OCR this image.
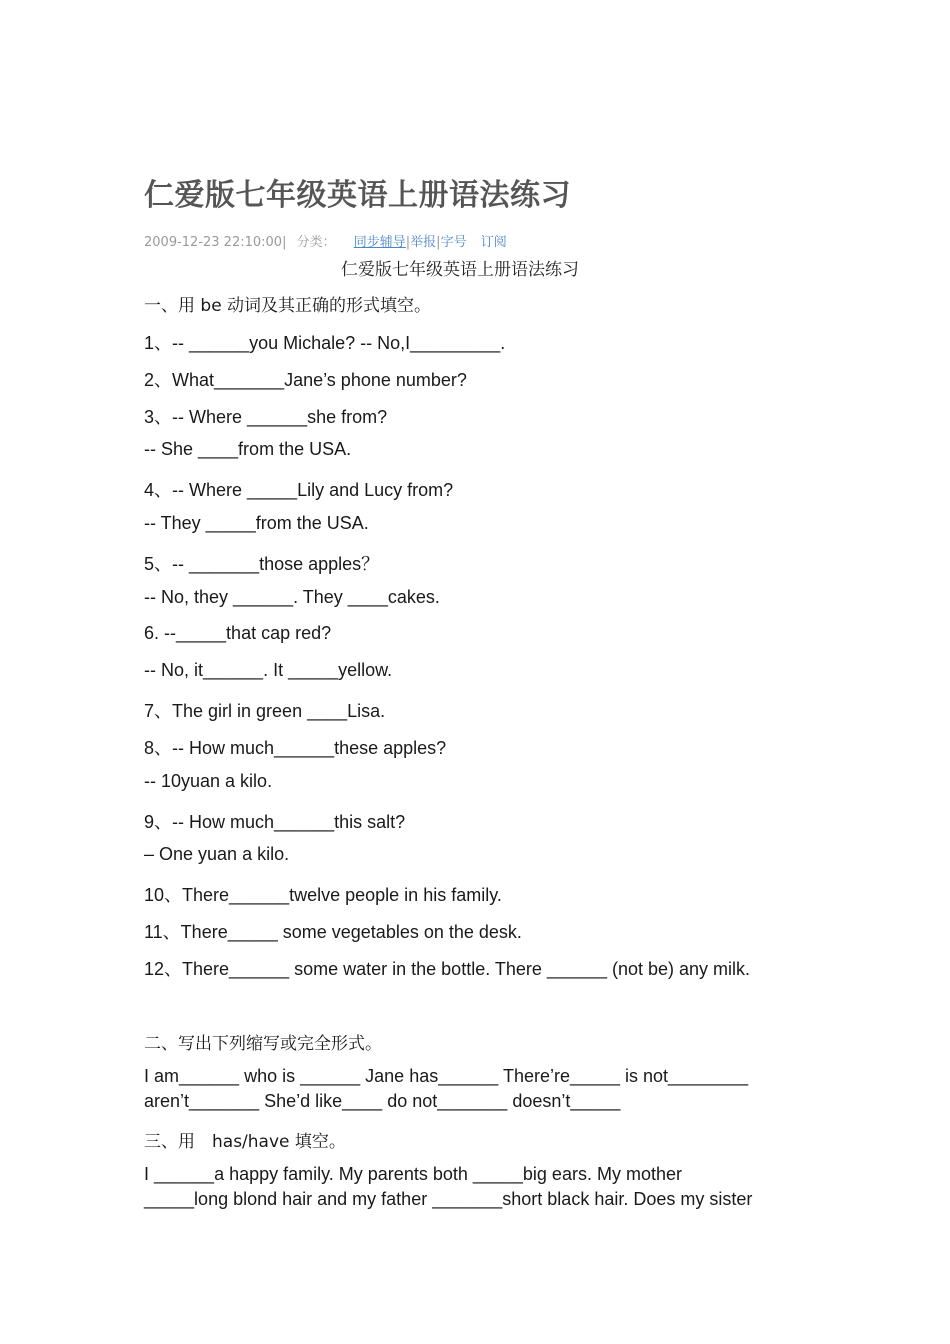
仁爱版七年级英语上册语法练习
2009-12-23 22:10:00| 分类： 同步辅导|举报|字号 订阅
仁爱版七年级英语上册语法练习
一、用 be 动词及其正确的形式填空。
1、-- ______you Michale? -- No,I_________.
2、What_______Jane’s phone number?
3、-- Where ______she from?
-- She ____from the USA.
4、-- Where _____Lily and Lucy from?
-- They _____from the USA.
5、-- _______those apples？
-- No, they ______. They ____cakes.
6. --_____that cap red?
-- No, it______. It _____yellow.
7、The girl in green ____Lisa.
8、-- How much______these apples?
-- 10yuan a kilo.
9、-- How much______this salt?
– One yuan a kilo.
10、There______twelve people in his family.
11、There_____ some vegetables on the desk.
12、There______ some water in the bottle. There ______ (not be) any milk.
二、写出下列缩写或完全形式。
I am______ who is ______ Jane has______ There’re_____ is not________
aren’t_______ She’d like____ do not_______ doesn’t_____
三、用　has/have 填空。
I ______a happy family. My parents both _____big ears. My mother
_____long blond hair and my father _______short black hair. Does my sister
